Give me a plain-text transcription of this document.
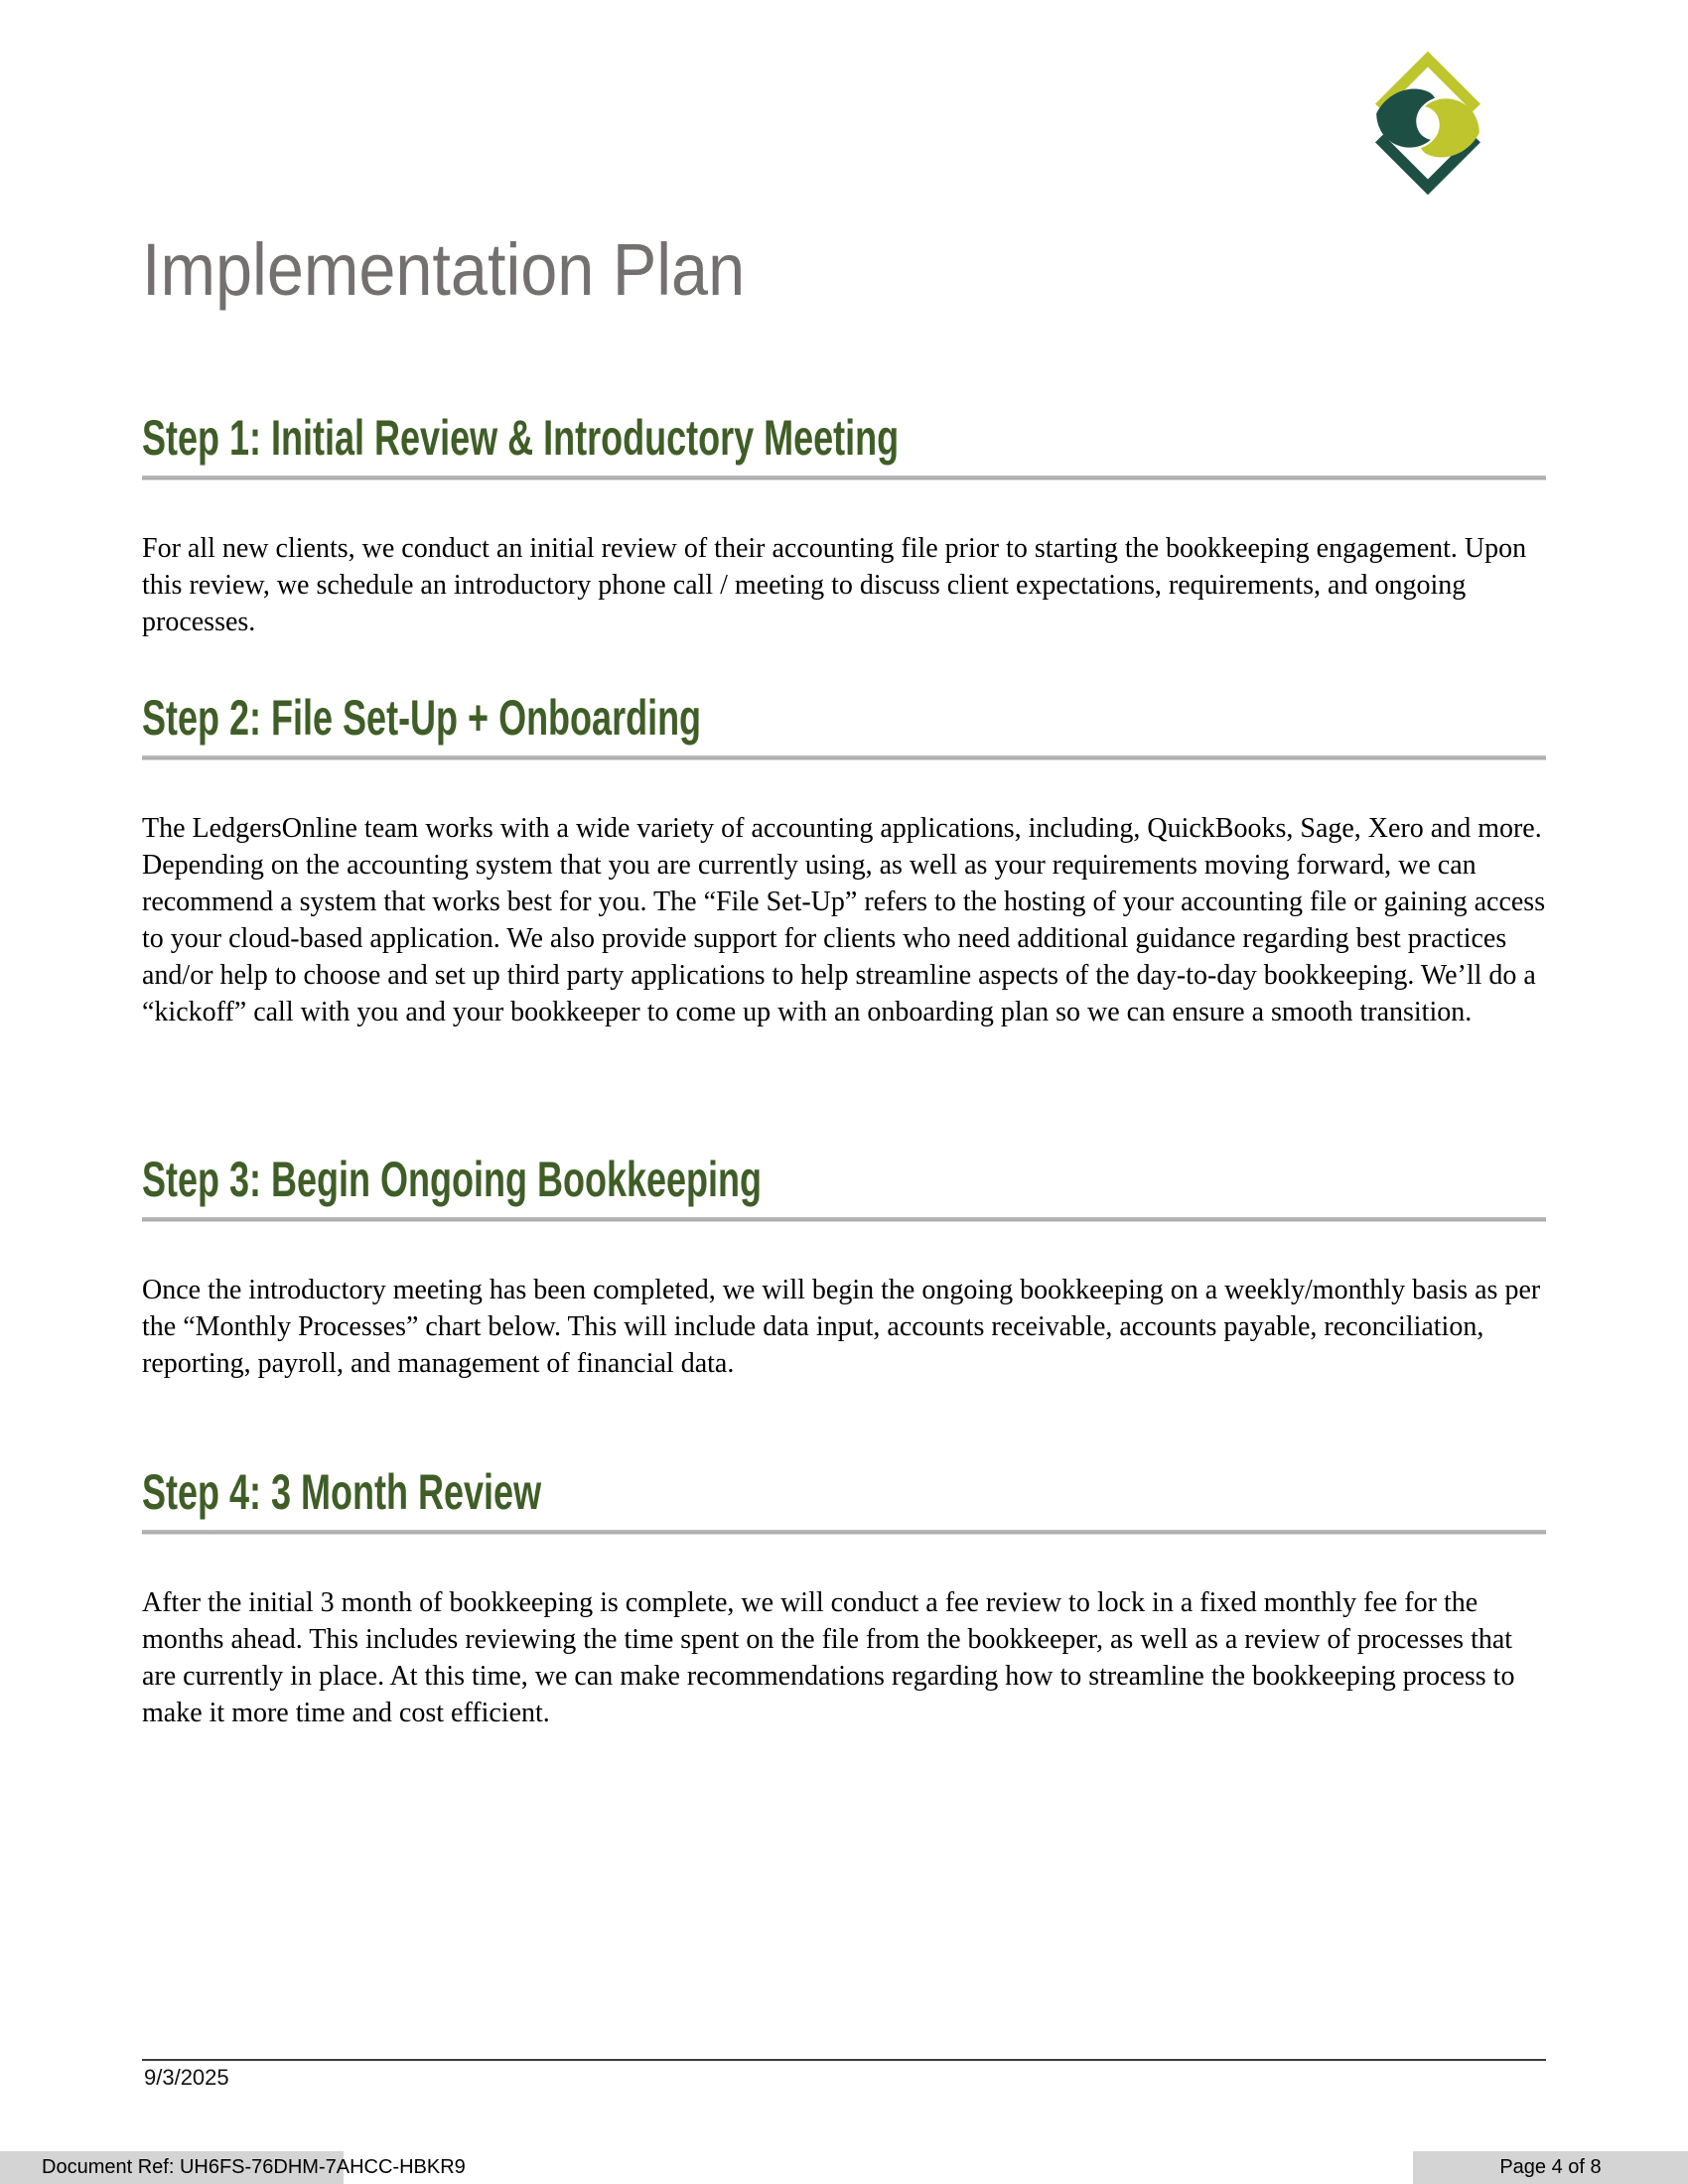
Implementation Plan
Step 1: Initial Review & Introductory Meeting

For all new clients, we conduct an initial review of their accounting file prior to starting the bookkeeping engagement. Upon this review, we schedule an introductory phone call / meeting to discuss client expectations, requirements, and ongoing processes.

Step 2: File Set-Up + Onboarding

The LedgersOnline team works with a wide variety of accounting applications, including, QuickBooks, Sage, Xero and more. Depending on the accounting system that you are currently using, as well as your requirements moving forward, we can recommend a system that works best for you. The “File Set-Up” refers to the hosting of your accounting file or gaining access to your cloud-based application. We also provide support for clients who need additional guidance regarding best practices and/or help to choose and set up third party applications to help streamline aspects of the day-to-day bookkeeping. We’ll do a “kickoff” call with you and your bookkeeper to come up with an onboarding plan so we can ensure a smooth transition.

Step 3: Begin Ongoing Bookkeeping

Once the introductory meeting has been completed, we will begin the ongoing bookkeeping on a weekly/monthly basis as per the “Monthly Processes” chart below. This will include data input, accounts receivable, accounts payable, reconciliation, reporting, payroll, and management of financial data.

Step 4: 3 Month Review

After the initial 3 month of bookkeeping is complete, we will conduct a fee review to lock in a fixed monthly fee for the months ahead. This includes reviewing the time spent on the file from the bookkeeper, as well as a review of processes that are currently in place. At this time, we can make recommendations regarding how to streamline the bookkeeping process to make it more time and cost efficient.

9/3/2025

Document Ref: UH6FS-76DHM-7AHCC-HBKR9	Page 4 of 8
